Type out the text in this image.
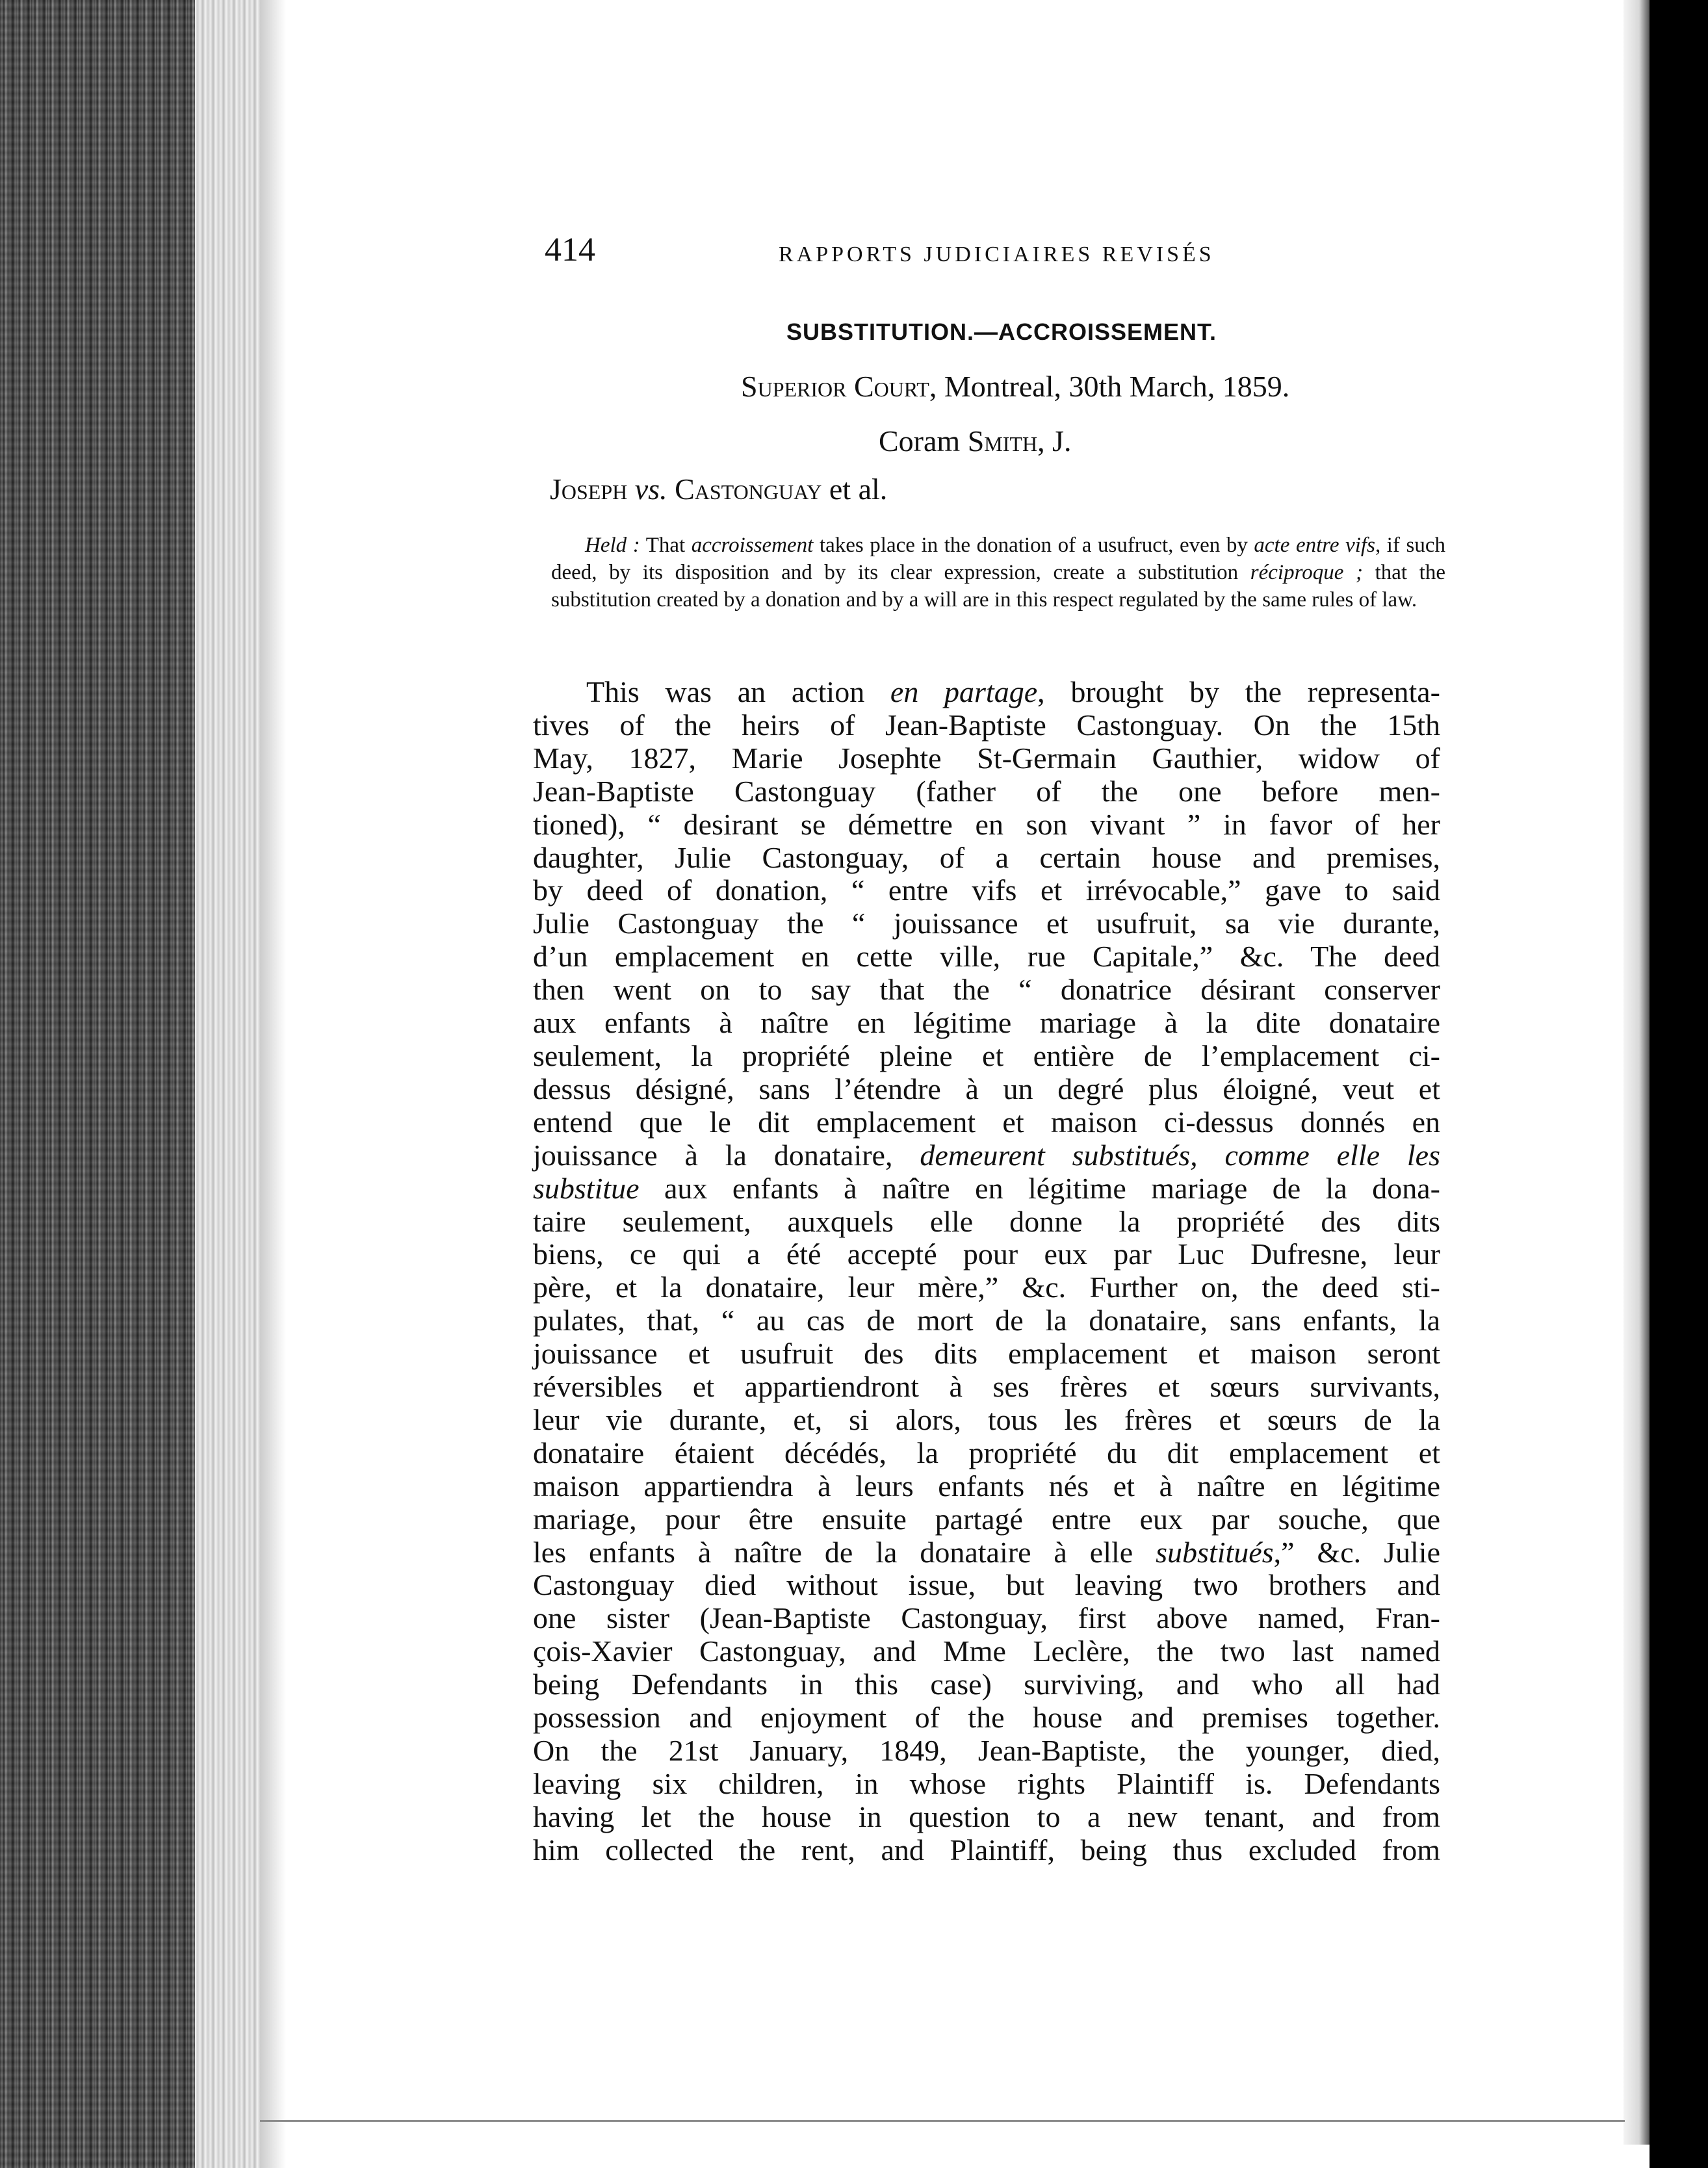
414	RAPPORTS JUDICIAIRES REVISÉS
SUBSTITUTION.—ACCROISSEMENT.
Superior Court, Montreal, 30th March, 1859.
Coram Smith, J.
Joseph vs. Castonguay et al.
Held : That accroissement takes place in the donation of a usufruct, even by acte entre vifs, if such deed, by its disposition and by its clear expression, create a substitution réciproque ; that the substitution created by a donation and by a will are in this respect regulated by the same rules of law.
This was an action en partage, brought by the representa-
tives of the heirs of Jean-Baptiste Castonguay. On the 15th
May, 1827, Marie Josephte St-Germain Gauthier, widow of
Jean-Baptiste Castonguay (father of the one before men-
tioned), “ desirant se démettre en son vivant ” in favor of her
daughter, Julie Castonguay, of a certain house and premises,
by deed of donation, “ entre vifs et irrévocable,” gave to said
Julie Castonguay the “ jouissance et usufruit, sa vie durante,
d’un emplacement en cette ville, rue Capitale,” &c. The deed
then went on to say that the “ donatrice désirant conserver
aux enfants à naître en légitime mariage à la dite donataire
seulement, la propriété pleine et entière de l’emplacement ci-
dessus désigné, sans l’étendre à un degré plus éloigné, veut et
entend que le dit emplacement et maison ci-dessus donnés en
jouissance à la donataire, demeurent substitués, comme elle les
substitue aux enfants à naître en légitime mariage de la dona-
taire seulement, auxquels elle donne la propriété des dits
biens, ce qui a été accepté pour eux par Luc Dufresne, leur
père, et la donataire, leur mère,” &c. Further on, the deed sti-
pulates, that, “ au cas de mort de la donataire, sans enfants, la
jouissance et usufruit des dits emplacement et maison seront
réversibles et appartiendront à ses frères et sœurs survivants,
leur vie durante, et, si alors, tous les frères et sœurs de la
donataire étaient décédés, la propriété du dit emplacement et
maison appartiendra à leurs enfants nés et à naître en légitime
mariage, pour être ensuite partagé entre eux par souche, que
les enfants à naître de la donataire à elle substitués,” &c. Julie
Castonguay died without issue, but leaving two brothers and
one sister (Jean-Baptiste Castonguay, first above named, Fran-
çois-Xavier Castonguay, and Mme Leclère, the two last named
being Defendants in this case) surviving, and who all had
possession and enjoyment of the house and premises together.
On the 21st January, 1849, Jean-Baptiste, the younger, died,
leaving six children, in whose rights Plaintiff is. Defendants
having let the house in question to a new tenant, and from
him collected the rent, and Plaintiff, being thus excluded from
